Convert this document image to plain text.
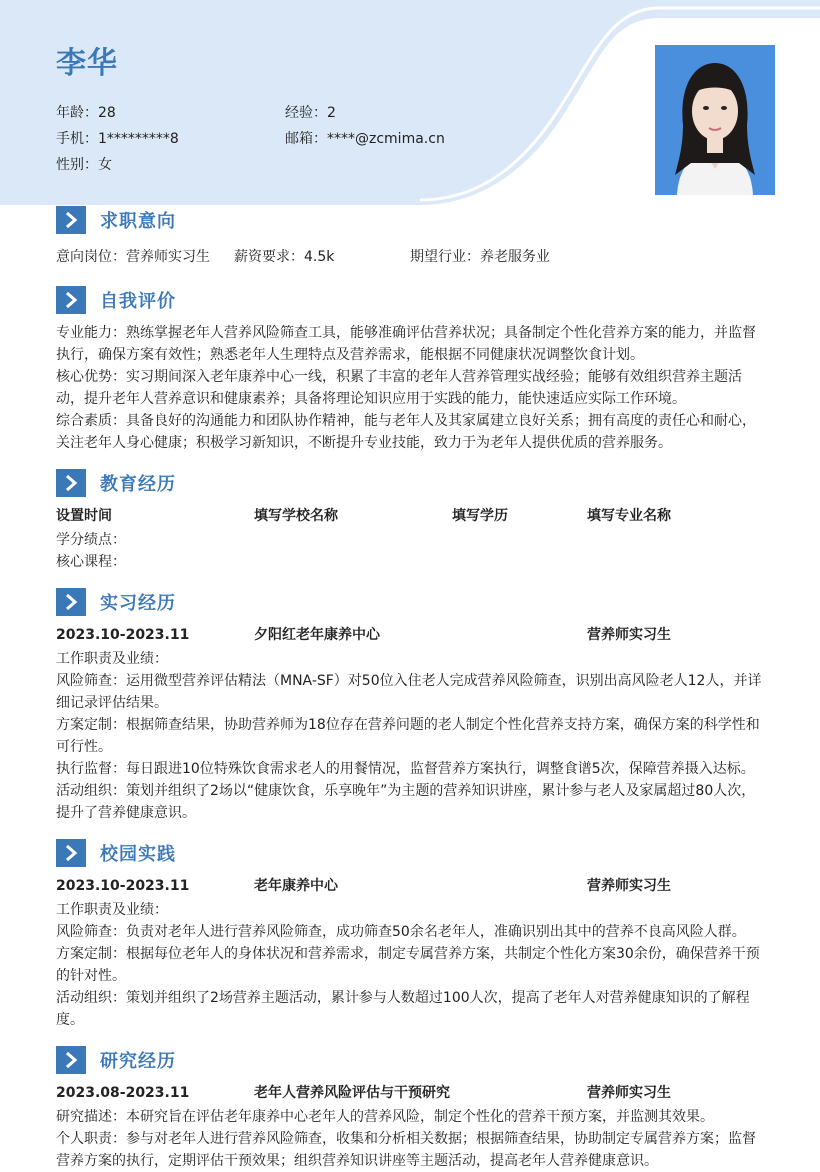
李华
年龄：28	经验：2
手机：1*********8	邮箱：****@zcmima.cn
性别：女
求职意向
意向岗位：营养师实习生 薪资要求：4.5k	期望行业：养老服务业
自我评价

专业能力：熟练掌握老年人营养风险筛查工具，能够准确评估营养状况；具备制定个性化营养方案的能力，并监督执行，确保方案有效性；熟悉老年人生理特点及营养需求，能根据不同健康状况调整饮食计划。

核心优势：实习期间深入老年康养中心一线，积累了丰富的老年人营养管理实战经验；能够有效组织营养主题活动，提升老年人营养意识和健康素养；具备将理论知识应用于实践的能力，能快速适应实际工作环境。

综合素质：具备良好的沟通能力和团队协作精神，能与老年人及其家属建立良好关系；拥有高度的责任心和耐心，关注老年人身心健康；积极学习新知识，不断提升专业技能，致力于为老年人提供优质的营养服务。

教育经历
设置时间	填写学校名称	填写学历	填写专业名称
学分绩点：
核心课程：
实习经历
2023.10-2023.11	夕阳红老年康养中心	营养师实习生

工作职责及业绩：

风险筛查：运用微型营养评估精法（MNA-SF）对50位入住老人完成营养风险筛查，识别出高风险老人12人，并详细记录评估结果。

方案定制：根据筛查结果，协助营养师为18位存在营养问题的老人制定个性化营养支持方案，确保方案的科学性和可行性。

执行监督：每日跟进10位特殊饮食需求老人的用餐情况，监督营养方案执行，调整食谱5次，保障营养摄入达标。

活动组织：策划并组织了2场以“健康饮食，乐享晚年”为主题的营养知识讲座，累计参与老人及家属超过80人次，提升了营养健康意识。

校园实践
2023.10-2023.11	老年康养中心	营养师实习生

工作职责及业绩：

风险筛查：负责对老年人进行营养风险筛查，成功筛查50余名老年人，准确识别出其中的营养不良高风险人群。

方案定制：根据每位老年人的身体状况和营养需求，制定专属营养方案，共制定个性化方案30余份，确保营养干预的针对性。

活动组织：策划并组织了2场营养主题活动，累计参与人数超过100人次，提高了老年人对营养健康知识的了解程度。

研究经历
2023.08-2023.11	老年人营养风险评估与干预研究	营养师实习生

研究描述：本研究旨在评估老年康养中心老年人的营养风险，制定个性化的营养干预方案，并监测其效果。

个人职责：参与对老年人进行营养风险筛查，收集和分析相关数据；根据筛查结果，协助制定专属营养方案；监督营养方案的执行，定期评估干预效果；组织营养知识讲座等主题活动，提高老年人营养健康意识。
